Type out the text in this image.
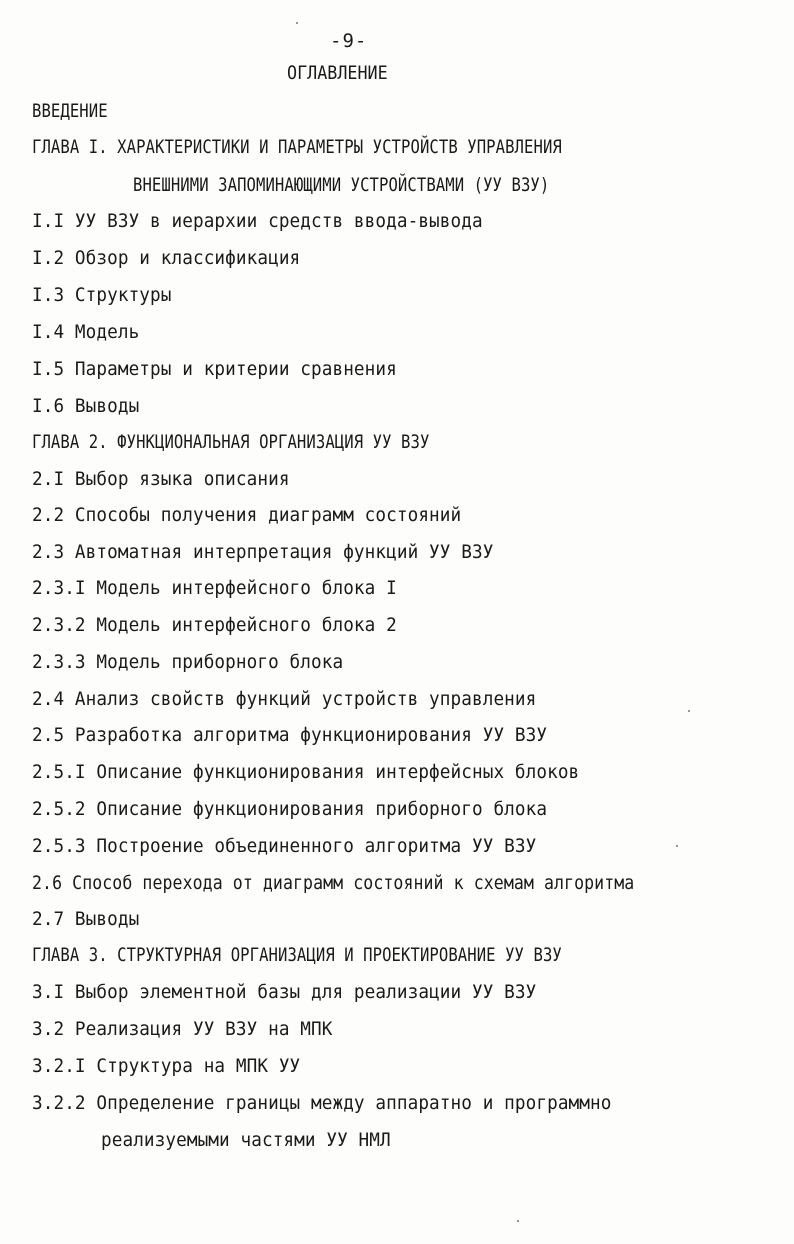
-9-
ОГЛАВЛЕНИЕ
ВВЕДЕНИЕ
ГЛАВА I. ХАРАКТЕРИСТИКИ И ПАРАМЕТРЫ УСТРОЙСТВ УПРАВЛЕНИЯ
ВНЕШНИМИ ЗАПОМИНАЮЩИМИ УСТРОЙСТВАМИ (УУ ВЗУ)
I.I УУ ВЗУ в иерархии средств ввода-вывода
I.2 Обзор и классификация
I.3 Структуры
I.4 Модель
I.5 Параметры и критерии сравнения
I.6 Выводы
ГЛАВА 2. ФУНКЦИОНАЛЬНАЯ ОРГАНИЗАЦИЯ УУ ВЗУ
2.I Выбор языка описания
2.2 Способы получения диаграмм состояний
2.3 Автоматная интерпретация функций УУ ВЗУ
2.3.I Модель интерфейсного блока I
2.3.2 Модель интерфейсного блока 2
2.3.3 Модель приборного блока
2.4 Анализ свойств функций устройств управления
2.5 Разработка алгоритма функционирования УУ ВЗУ
2.5.I Описание функционирования интерфейсных блоков
2.5.2 Описание функционирования приборного блока
2.5.3 Построение объединенного алгоритма УУ ВЗУ
2.6 Способ перехода от диаграмм состояний к схемам алгоритма
2.7 Выводы
ГЛАВА 3. СТРУКТУРНАЯ ОРГАНИЗАЦИЯ И ПРОЕКТИРОВАНИЕ УУ ВЗУ
3.I Выбор элементной базы для реализации УУ ВЗУ
3.2 Реализация УУ ВЗУ на МПК
3.2.I Структура на МПК УУ
3.2.2 Определение границы между аппаратно и программно
реализуемыми частями УУ НМЛ
